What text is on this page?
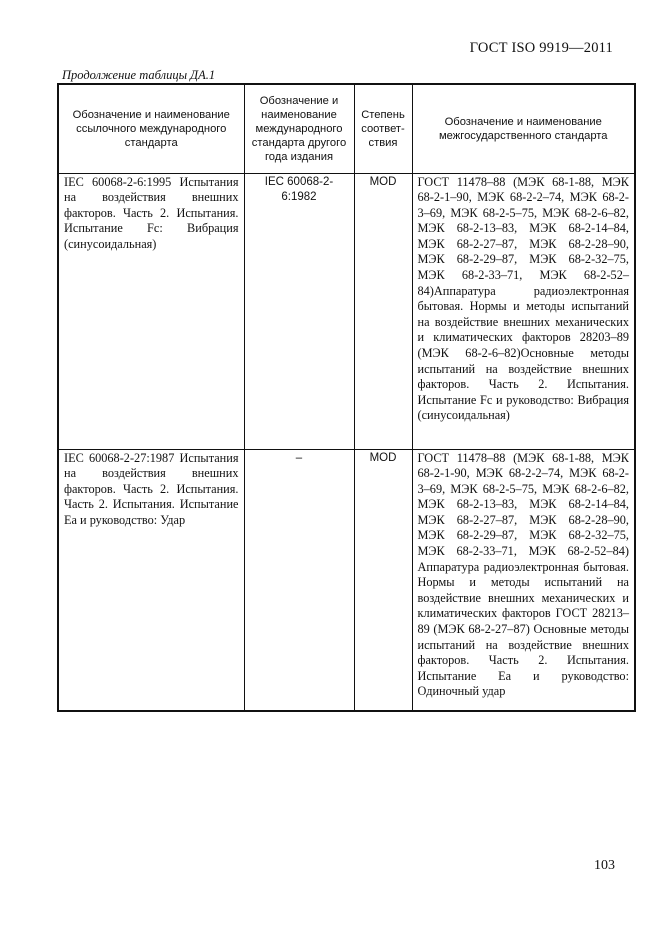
ГОСТ ISO 9919—2011
Продолжение таблицы ДА.1
Обозначение и наименование ссылочного международного стандарта	Обозначение и наименование международного стандарта другого года издания	Степень соответ-ствия	Обозначение и наименование межгосударственного стандарта
IEC 60068-2-6:1995 Испытания на воздействия внешних факторов. Часть 2. Испытания. Испытание Fc: Вибрация (синусоидальная)	IEC 60068-2-6:1982	MOD	ГОСТ 11478–88 (МЭК 68-1-88, МЭК 68-2-1–90, МЭК 68-2-2–74, МЭК 68-2-3–69, МЭК 68-2-5–75, МЭК 68-2-6–82, МЭК 68-2-13–83, МЭК 68-2-14–84, МЭК 68-2-27–87, МЭК 68-2-28–90, МЭК 68-2-29–87, МЭК 68-2-32–75, МЭК 68-2-33–71, МЭК 68-2-52–84)Аппаратура радиоэлектронная бытовая. Нормы и методы испытаний на воздействие внешних механических и климатических факторов 28203–89 (МЭК 68-2-6–82)Основные методы испытаний на воздействие внешних факторов. Часть 2. Испытания. Испытание Fc и руководство: Вибрация (синусоидальная)
IEC 60068-2-27:1987 Испытания на воздействия внешних факторов. Часть 2. Испытания. Часть 2. Испытания. Испытание Ea и руководство: Удар	–	MOD	ГОСТ 11478–88 (МЭК 68-1-88, МЭК 68-2-1-90, МЭК 68-2-2–74, МЭК 68-2-3–69, МЭК 68-2-5–75, МЭК 68-2-6–82, МЭК 68-2-13–83, МЭК 68-2-14–84, МЭК 68-2-27–87, МЭК 68-2-28–90, МЭК 68-2-29–87, МЭК 68-2-32–75, МЭК 68-2-33–71, МЭК 68-2-52–84) Аппаратура радиоэлектронная бытовая. Нормы и методы испытаний на воздействие внешних механических и климатических факторов ГОСТ 28213–89 (МЭК 68-2-27–87) Основные методы испытаний на воздействие внешних факторов. Часть 2. Испытания. Испытание Ea и руководство: Одиночный удар
103
